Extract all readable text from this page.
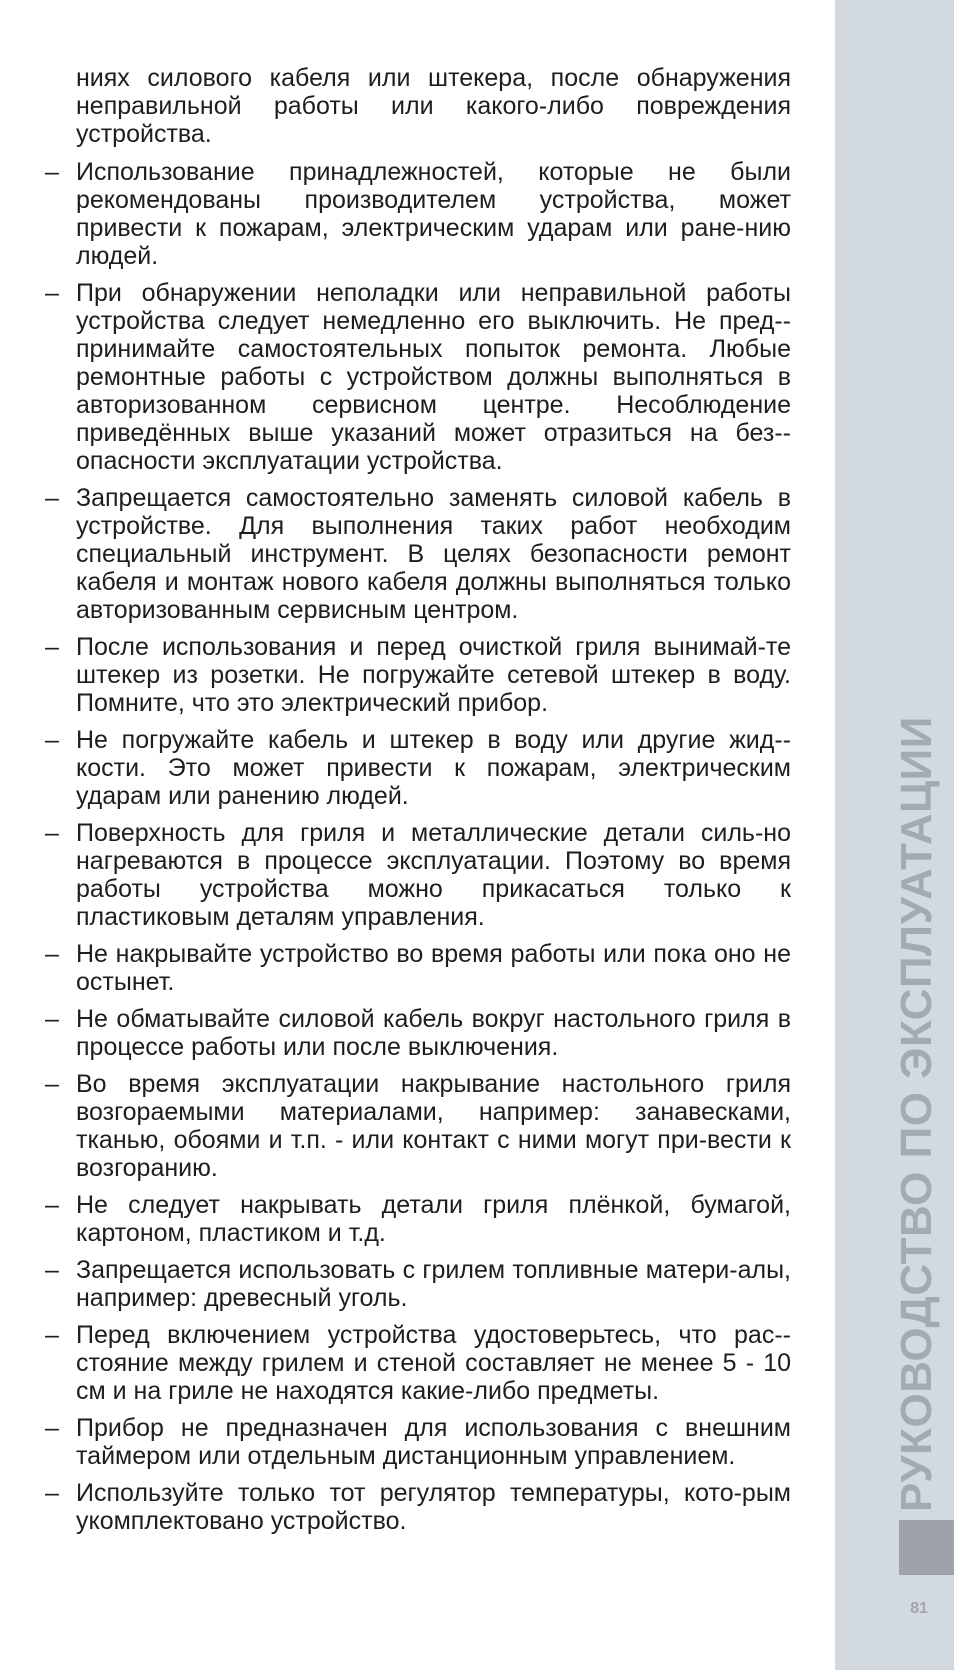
ниях силового кабеля или штекера, после обнаружения неправильной работы или какого-либо повреждения устройства.

– Использование принадлежностей, которые не были рекомендованы производителем устройства, может привести к пожарам, электрическим ударам или ране-нию людей.

– При обнаружении неполадки или неправильной работы устройства следует немедленно его выключить. Не пред-принимайте самостоятельных попыток ремонта. Любые ремонтные работы с устройством должны выполняться в авторизованном сервисном центре. Несоблюдение приведённых выше указаний может отразиться на без-опасности эксплуатации устройства.

– Запрещается самостоятельно заменять силовой кабель в устройстве. Для выполнения таких работ необходим специальный инструмент. В целях безопасности ремонт кабеля и монтаж нового кабеля должны выполняться только авторизованным сервисным центром.

– После использования и перед очисткой гриля вынимай-те штекер из розетки. Не погружайте сетевой штекер в воду. Помните, что это электрический прибор.

– Не погружайте кабель и штекер в воду или другие жид-кости. Это может привести к пожарам, электрическим ударам или ранению людей.

– Поверхность для гриля и металлические детали силь-но нагреваются в процессе эксплуатации. Поэтому во время работы устройства можно прикасаться только к пластиковым деталям управления.

– Не накрывайте устройство во время работы или пока оно не остынет.

– Не обматывайте силовой кабель вокруг настольного гриля в процессе работы или после выключения.

– Во время эксплуатации накрывание настольного гриля возгораемыми материалами, например: занавесками, тканью, обоями и т.п. - или контакт с ними могут при-вести к возгоранию.

– Не следует накрывать детали гриля плёнкой, бумагой, картоном, пластиком и т.д.

– Запрещается использовать с грилем топливные матери-алы, например: древесный уголь.

– Перед включением устройства удостоверьтесь, что рас-стояние между грилем и стеной составляет не менее 5 - 10 см и на гриле не находятся какие-либо предметы.

– Прибор не предназначен для использования с внешним таймером или отдельным дистанционным управлением.

– Используйте только тот регулятор температуры, кото-рым укомплектовано устройство.

РУКОВОДСТВО ПО ЭКСПЛУАТАЦИИ
81
